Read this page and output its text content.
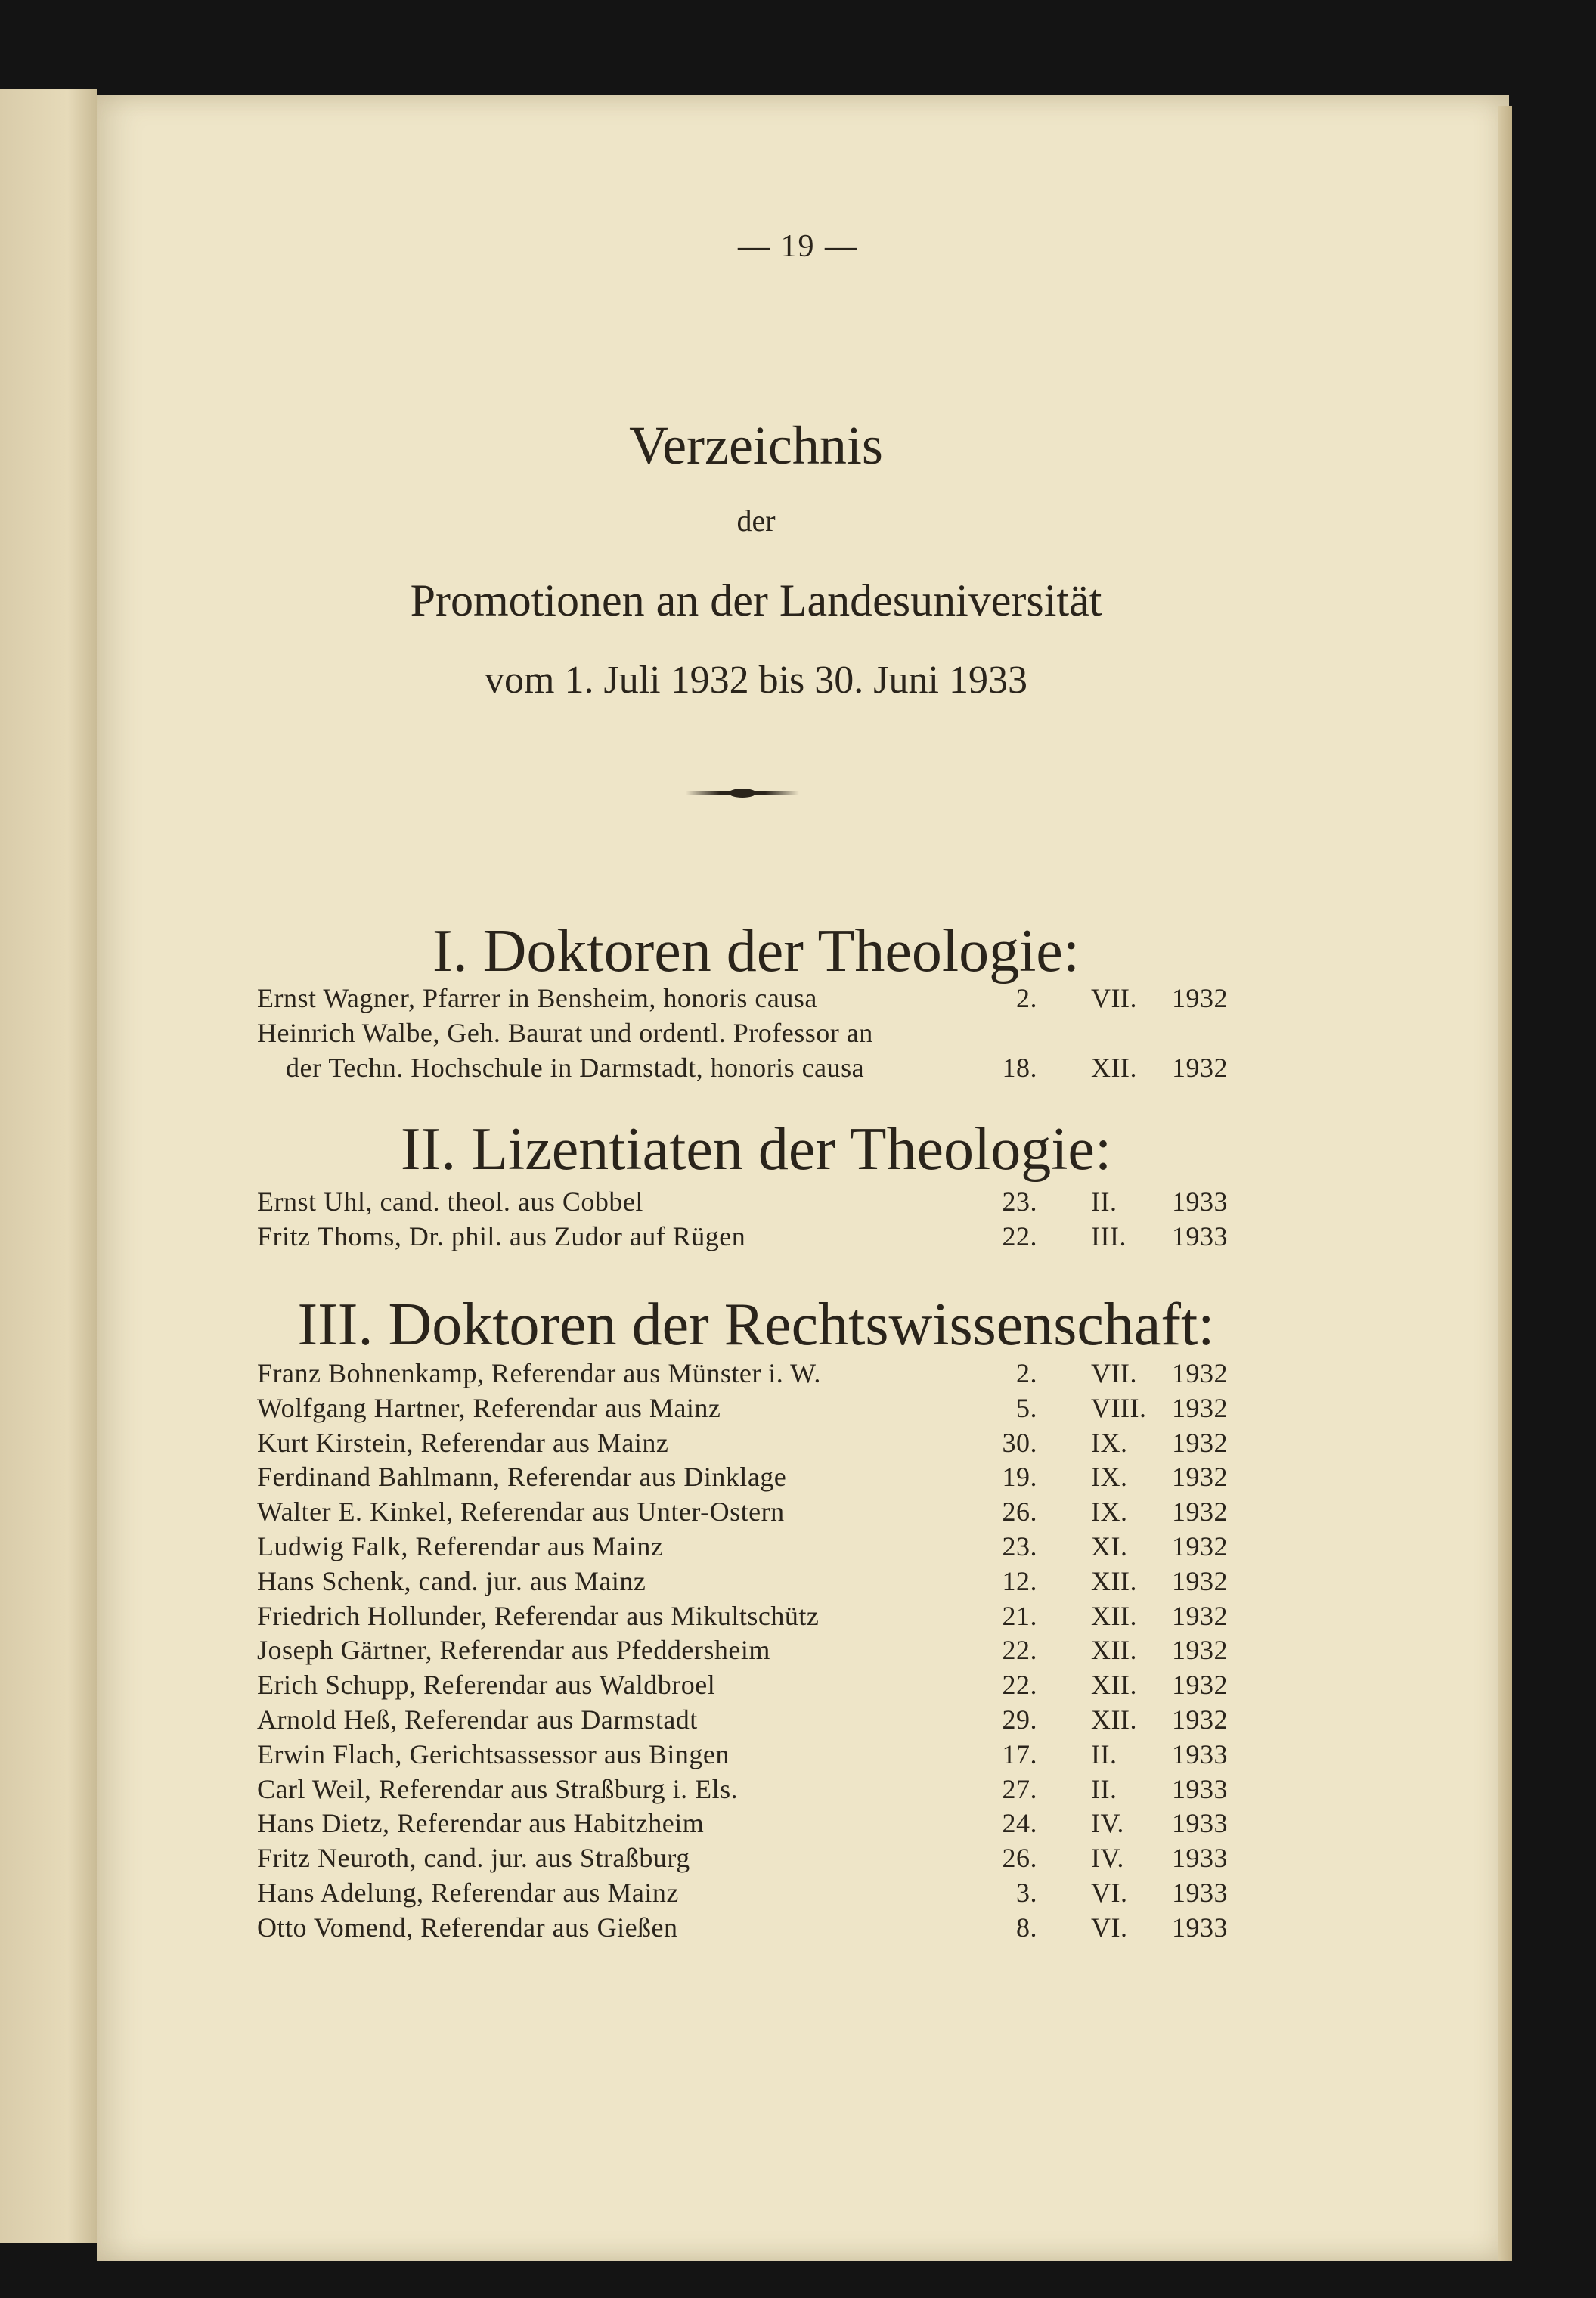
— 19 —
Verzeichnis
der
Promotionen an der Landesuniversität
vom 1. Juli 1932 bis 30. Juni 1933
I. Doktoren der Theologie:
Ernst Wagner, Pfarrer in Bensheim, honoris causa	2. VII. 1932
Heinrich Walbe, Geh. Baurat und ordentl. Professor an
der Techn. Hochschule in Darmstadt, honoris causa	18. XII. 1932
II. Lizentiaten der Theologie:
Ernst Uhl, cand. theol. aus Cobbel	23. II. 1933
Fritz Thoms, Dr. phil. aus Zudor auf Rügen	22. III. 1933
III. Doktoren der Rechtswissenschaft:
Franz Bohnenkamp, Referendar aus Münster i. W.	2. VII. 1932
Wolfgang Hartner, Referendar aus Mainz	5. VIII. 1932
Kurt Kirstein, Referendar aus Mainz	30. IX. 1932
Ferdinand Bahlmann, Referendar aus Dinklage	19. IX. 1932
Walter E. Kinkel, Referendar aus Unter-Ostern	26. IX. 1932
Ludwig Falk, Referendar aus Mainz	23. XI. 1932
Hans Schenk, cand. jur. aus Mainz	12. XII. 1932
Friedrich Hollunder, Referendar aus Mikultschütz	21. XII. 1932
Joseph Gärtner, Referendar aus Pfeddersheim	22. XII. 1932
Erich Schupp, Referendar aus Waldbroel	22. XII. 1932
Arnold Heß, Referendar aus Darmstadt	29. XII. 1932
Erwin Flach, Gerichtsassessor aus Bingen	17. II. 1933
Carl Weil, Referendar aus Straßburg i. Els.	27. II. 1933
Hans Dietz, Referendar aus Habitzheim	24. IV. 1933
Fritz Neuroth, cand. jur. aus Straßburg	26. IV. 1933
Hans Adelung, Referendar aus Mainz	3. VI. 1933
Otto Vomend, Referendar aus Gießen	8. VI. 1933
